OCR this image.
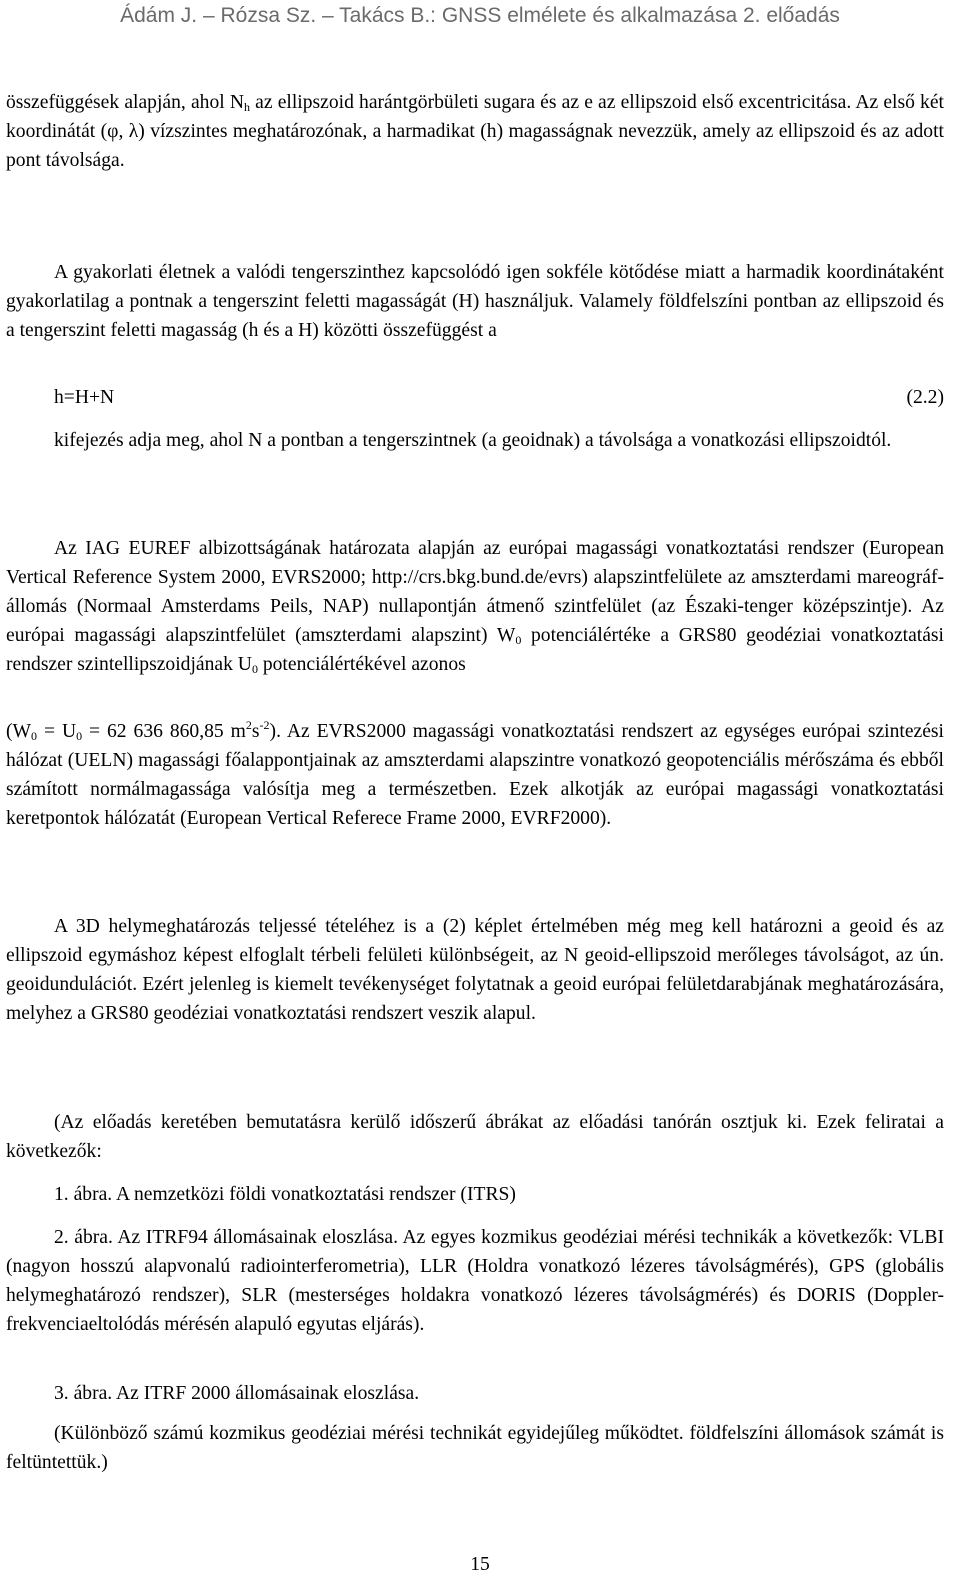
Ádám J. – Rózsa Sz. – Takács B.: GNSS elmélete és alkalmazása 2. előadás

összefüggések alapján, ahol $N_h$ az ellipszoid harántgörbületi sugara és az e az ellipszoid első excentricitása. Az első két koordinátát (φ, λ) vízszintes meghatározónak, a harmadikat (h) magasságnak nevezzük, amely az ellipszoid és az adott pont távolsága.

A gyakorlati életnek a valódi tengerszinthez kapcsolódó igen sokféle kötődése miatt a harmadik koordinátaként gyakorlatilag a pontnak a tengerszint feletti magasságát (H) használjuk. Valamely földfelszíni pontban az ellipszoid és a tengerszint feletti magasság (h és a H) közötti összefüggést a

h=H+N	(2.2)

kifejezés adja meg, ahol N a pontban a tengerszintnek (a geoidnak) a távolsága a vonatkozási ellipszoidtól.

Az IAG EUREF albizottságának határozata alapján az európai magassági vonatkoztatási rendszer (European Vertical Reference System 2000, EVRS2000; http://crs.bkg.bund.de/evrs) alapszintfelülete az amszterdami mareográf-állomás (Normaal Amsterdams Peils, NAP) nullapontján átmenő szintfelület (az Északi-tenger középszintje). Az európai magassági alapszintfelület (amszterdami alapszint) $W_0$ potenciálértéke a GRS80 geodéziai vonatkoztatási rendszer szintellipszoidjának $U_0$ potenciálértékével azonos

($W_0 = U_0 = 62$ 636 860,85 $m^2s^{-2}$). Az EVRS2000 magassági vonatkoztatási rendszert az egységes európai szintezési hálózat (UELN) magassági főalappontjainak az amszterdami alapszintre vonatkozó geopotenciális mérőszáma és ebből számított normálmagassága valósítja meg a természetben. Ezek alkotják az európai magassági vonatkoztatási keretpontok hálózatát (European Vertical Referece Frame 2000, EVRF2000).

A 3D helymeghatározás teljessé tételéhez is a (2) képlet értelmében még meg kell határozni a geoid és az ellipszoid egymáshoz képest elfoglalt térbeli felületi különbségeit, az N geoid-ellipszoid merőleges távolságot, az ún. geoidundulációt. Ezért jelenleg is kiemelt tevékenységet folytatnak a geoid európai felületdarabjának meghatározására, melyhez a GRS80 geodéziai vonatkoztatási rendszert veszik alapul.

(Az előadás keretében bemutatásra kerülő időszerű ábrákat az előadási tanórán osztjuk ki. Ezek feliratai a következők:

1. ábra. A nemzetközi földi vonatkoztatási rendszer (ITRS)

2. ábra. Az ITRF94 állomásainak eloszlása. Az egyes kozmikus geodéziai mérési technikák a következők: VLBI (nagyon hosszú alapvonalú radiointerferometria), LLR (Holdra vonatkozó lézeres távolságmérés), GPS (globális helymeghatározó rendszer), SLR (mesterséges holdakra vonatkozó lézeres távolságmérés) és DORIS (Doppler-frekvenciaeltolódás mérésén alapuló egyutas eljárás).

3. ábra. Az ITRF 2000 állomásainak eloszlása.

(Különböző számú kozmikus geodéziai mérési technikát egyidejűleg működtet. földfelszíni állomások számát is feltüntettük.)

15
